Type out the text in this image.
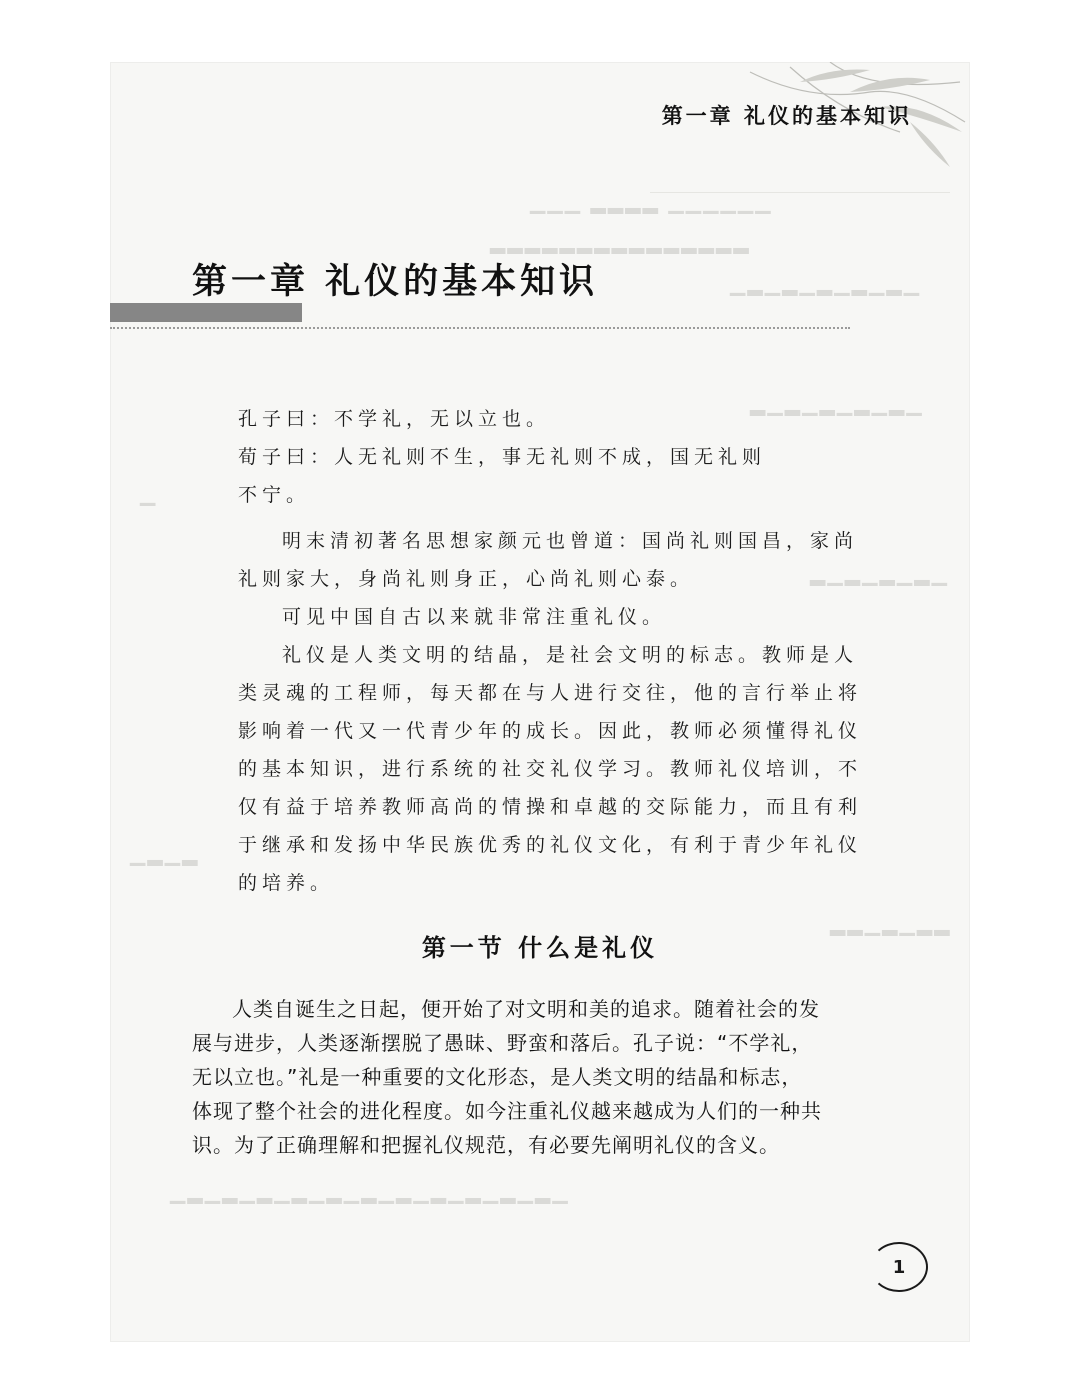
第一章 礼仪的基本知识
▁▁▁ ▂▂▂▂ ▁▁▁▁▁▁
▂▂▂▂▂▂▂▂▂▂▂▂▂▂▂
▁▂▁▂▁▂▁▂▁▂▁
▂▁▂▁▂▁▂▁▂▁
▁
▂▁▂▁▂▁▂▁
▁▂▁▂
▂▂▁▂▁▂▂
▁▂▁▂▁▂▁▂▁▂▁▂▁▂▁▂▁▂▁▂▁▂▁
第一章 礼仪的基本知识
孔子曰：不学礼，无以立也。
荀子曰：人无礼则不生，事无礼则不成，国无礼则
不宁。
明末清初著名思想家颜元也曾道：国尚礼则国昌，家尚
礼则家大，身尚礼则身正，心尚礼则心泰。
可见中国自古以来就非常注重礼仪。
礼仪是人类文明的结晶，是社会文明的标志。教师是人
类灵魂的工程师，每天都在与人进行交往，他的言行举止将
影响着一代又一代青少年的成长。因此，教师必须懂得礼仪
的基本知识，进行系统的社交礼仪学习。教师礼仪培训，不
仅有益于培养教师高尚的情操和卓越的交际能力，而且有利
于继承和发扬中华民族优秀的礼仪文化，有利于青少年礼仪
的培养。
第一节 什么是礼仪
人类自诞生之日起，便开始了对文明和美的追求。随着社会的发
展与进步，人类逐渐摆脱了愚昧、野蛮和落后。孔子说：“不学礼，
无以立也。”礼是一种重要的文化形态，是人类文明的结晶和标志，
体现了整个社会的进化程度。如今注重礼仪越来越成为人们的一种共
识。为了正确理解和把握礼仪规范，有必要先阐明礼仪的含义。
1
